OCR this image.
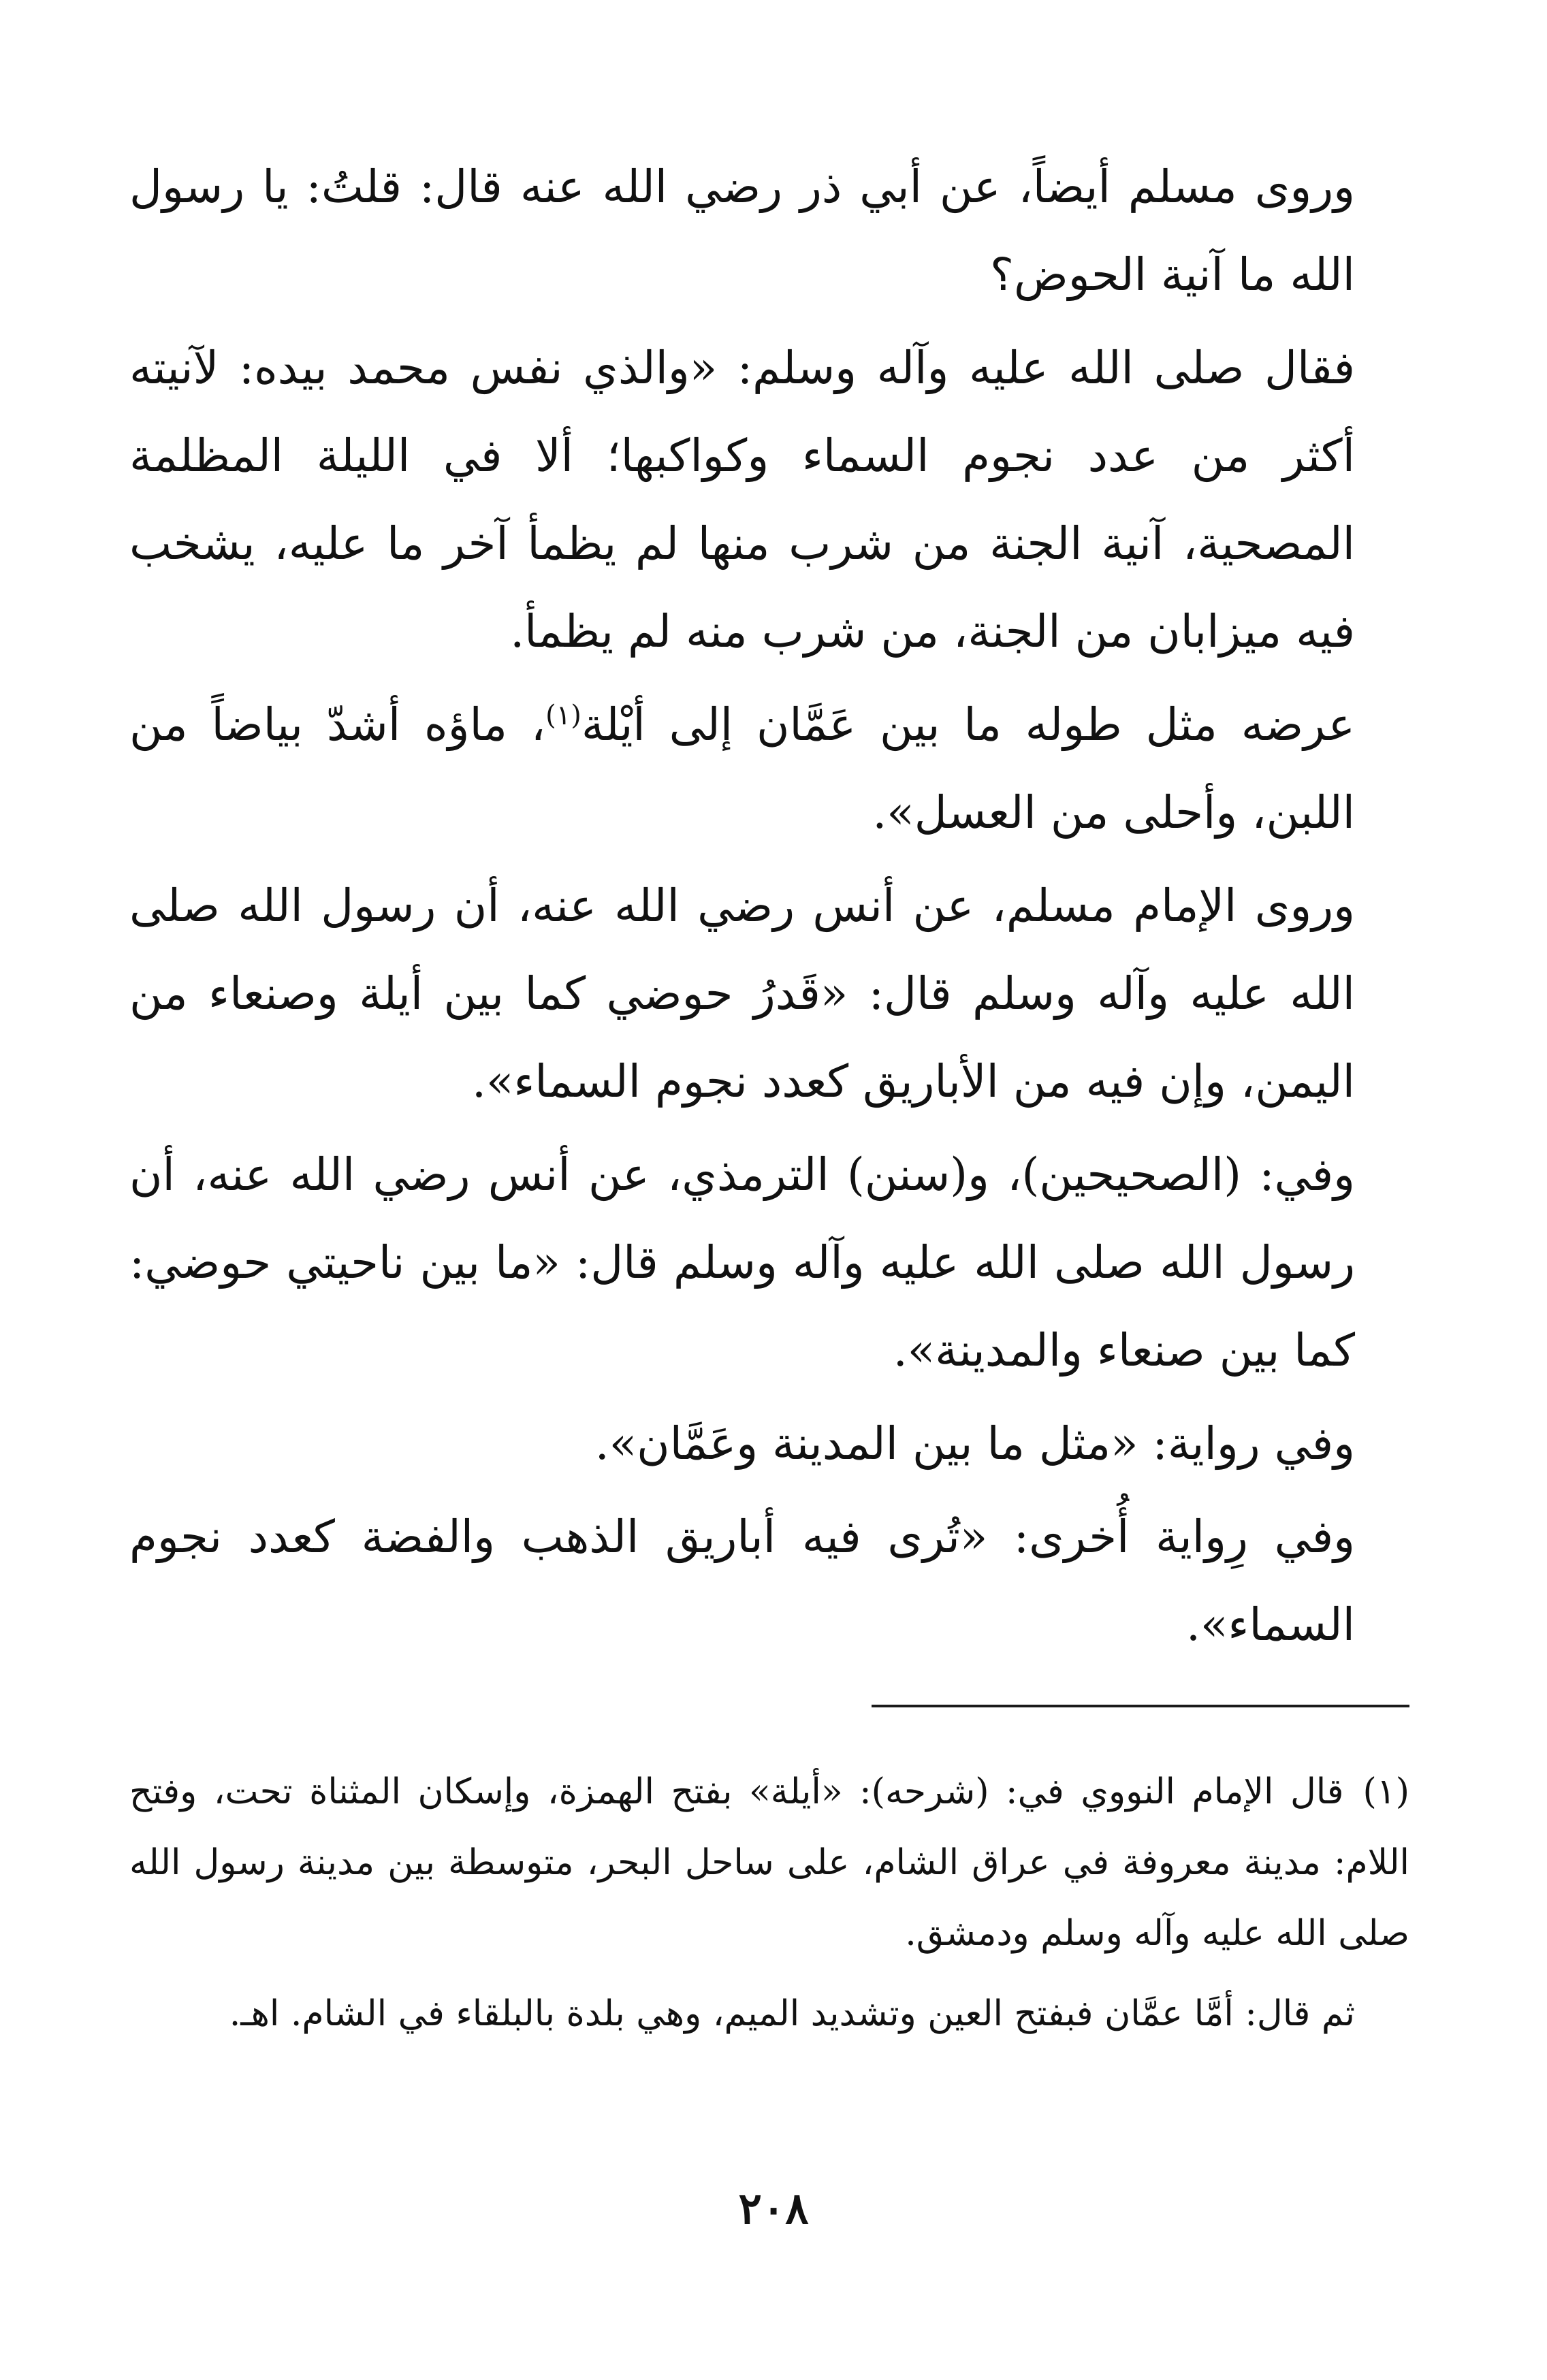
وروى مسلم أيضاً، عن أبي ذر رضي الله عنه قال: قلتُ: يا رسول الله ما آنية الحوض؟

فقال صلى الله عليه وآله وسلم: «والذي نفس محمد بيده: لآنيته أكثر من عدد نجوم السماء وكواكبها؛ ألا في الليلة المظلمة المصحية، آنية الجنة من شرب منها لم يظمأ آخر ما عليه، يشخب فيه ميزابان من الجنة، من شرب منه لم يظمأ.

عرضه مثل طوله ما بين عَمَّان إلى أيْلة$^{(١)}$، ماؤه أشدّ بياضاً من اللبن، وأحلى من العسل».

وروى الإمام مسلم، عن أنس رضي الله عنه، أن رسول الله صلى الله عليه وآله وسلم قال: «قَدرُ حوضي كما بين أيلة وصنعاء من اليمن، وإن فيه من الأباريق كعدد نجوم السماء».

وفي: (الصحيحين)، و(سنن) الترمذي، عن أنس رضي الله عنه، أن رسول الله صلى الله عليه وآله وسلم قال: «ما بين ناحيتي حوضي: كما بين صنعاء والمدينة».

وفي رواية: «مثل ما بين المدينة وعَمَّان».

وفي رِواية أُخرى: «تُرى فيه أباريق الذهب والفضة كعدد نجوم السماء».

(١)قال الإمام النووي في: (شرحه): «أيلة» بفتح الهمزة، وإسكان المثناة تحت، وفتح اللام: مدينة معروفة في عراق الشام، على ساحل البحر، متوسطة بين مدينة رسول الله صلى الله عليه وآله وسلم ودمشق.

ثم قال: أمَّا عمَّان فبفتح العين وتشديد الميم، وهي بلدة بالبلقاء في الشام. اهـ.

٢٠٨
